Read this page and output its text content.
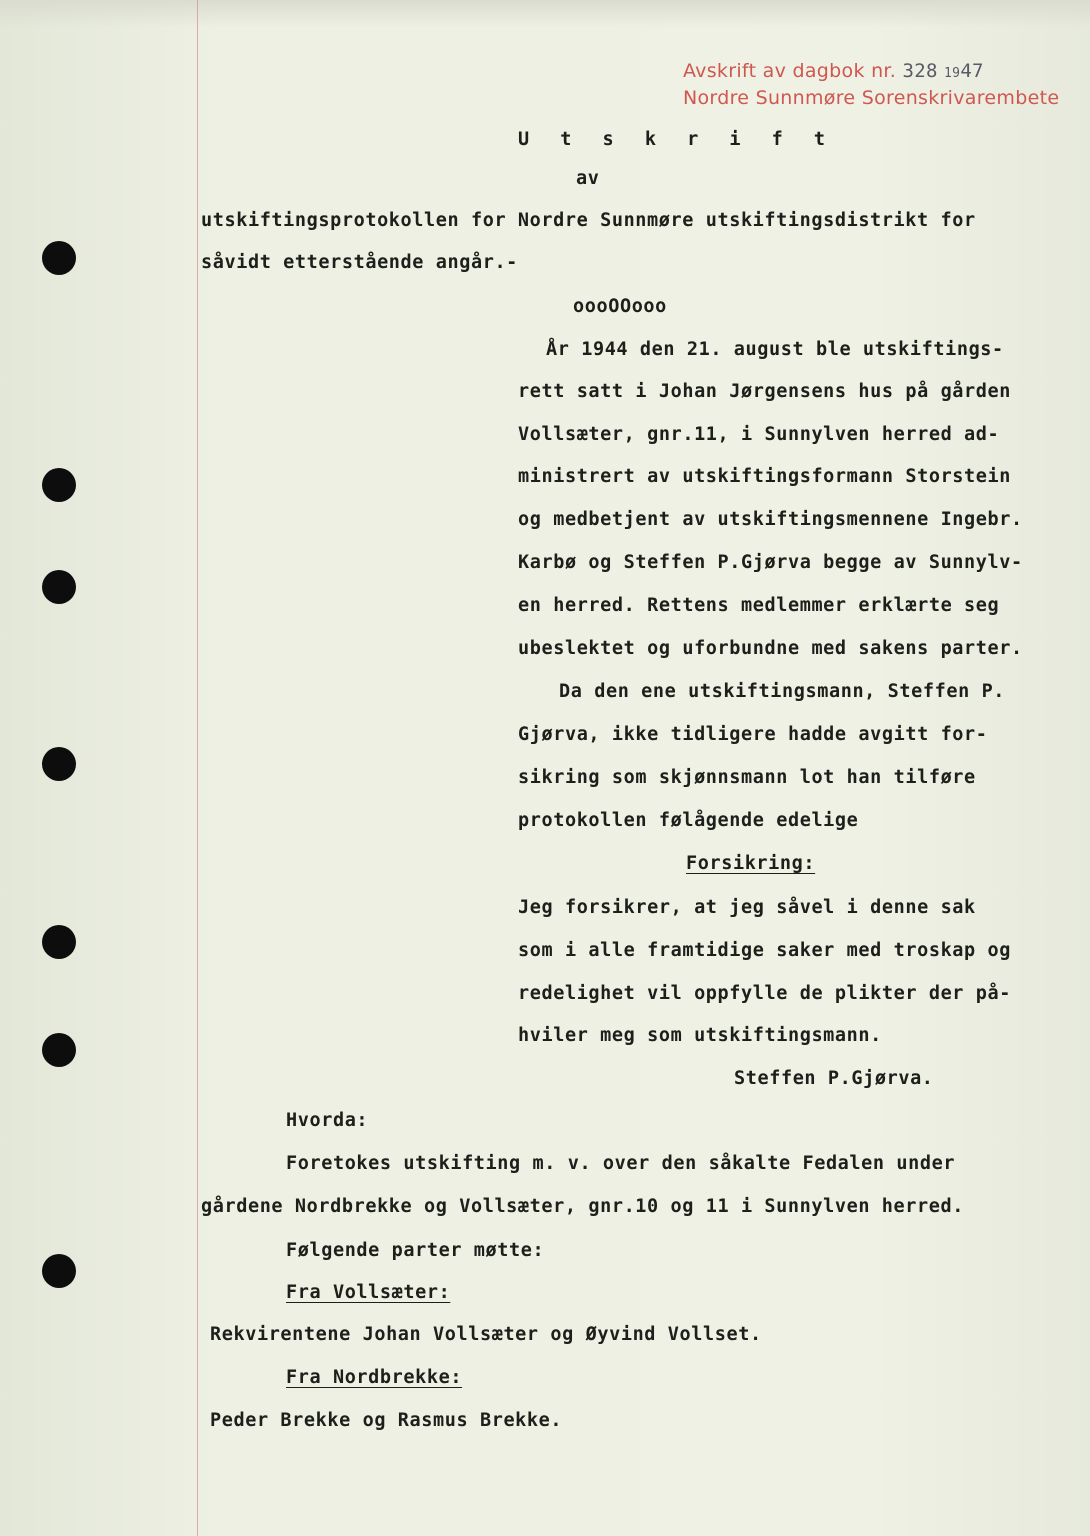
Avskrift av dagbok nr. 328 1947
Nordre Sunnmøre Sorenskrivarembete
U t s k r i f t
av
utskiftingsprotokollen for Nordre Sunnmøre utskiftingsdistrikt for
såvidt etterstående angår.-
oooOOooo
År 1944 den 21. august ble utskiftings-
rett satt i Johan Jørgensens hus på gården
Vollsæter, gnr.11, i Sunnylven herred ad-
ministrert av utskiftingsformann Storstein
og medbetjent av utskiftingsmennene Ingebr.
Karbø og Steffen P.Gjørva begge av Sunnylv-
en herred. Rettens medlemmer erklærte seg
ubeslektet og uforbundne med sakens parter.
Da den ene utskiftingsmann, Steffen P.
Gjørva, ikke tidligere hadde avgitt for-
sikring som skjønnsmann lot han tilføre
protokollen følågende edelige
Forsikring:
Jeg forsikrer, at jeg såvel i denne sak
som i alle framtidige saker med troskap og
redelighet vil oppfylle de plikter der på-
hviler meg som utskiftingsmann.
Steffen P.Gjørva.
Hvorda:
Foretokes utskifting m. v. over den såkalte Fedalen under
gårdene Nordbrekke og Vollsæter, gnr.10 og 11 i Sunnylven herred.
Følgende parter møtte:
Fra Vollsæter:
Rekvirentene Johan Vollsæter og Øyvind Vollset.
Fra Nordbrekke:
Peder Brekke og Rasmus Brekke.
